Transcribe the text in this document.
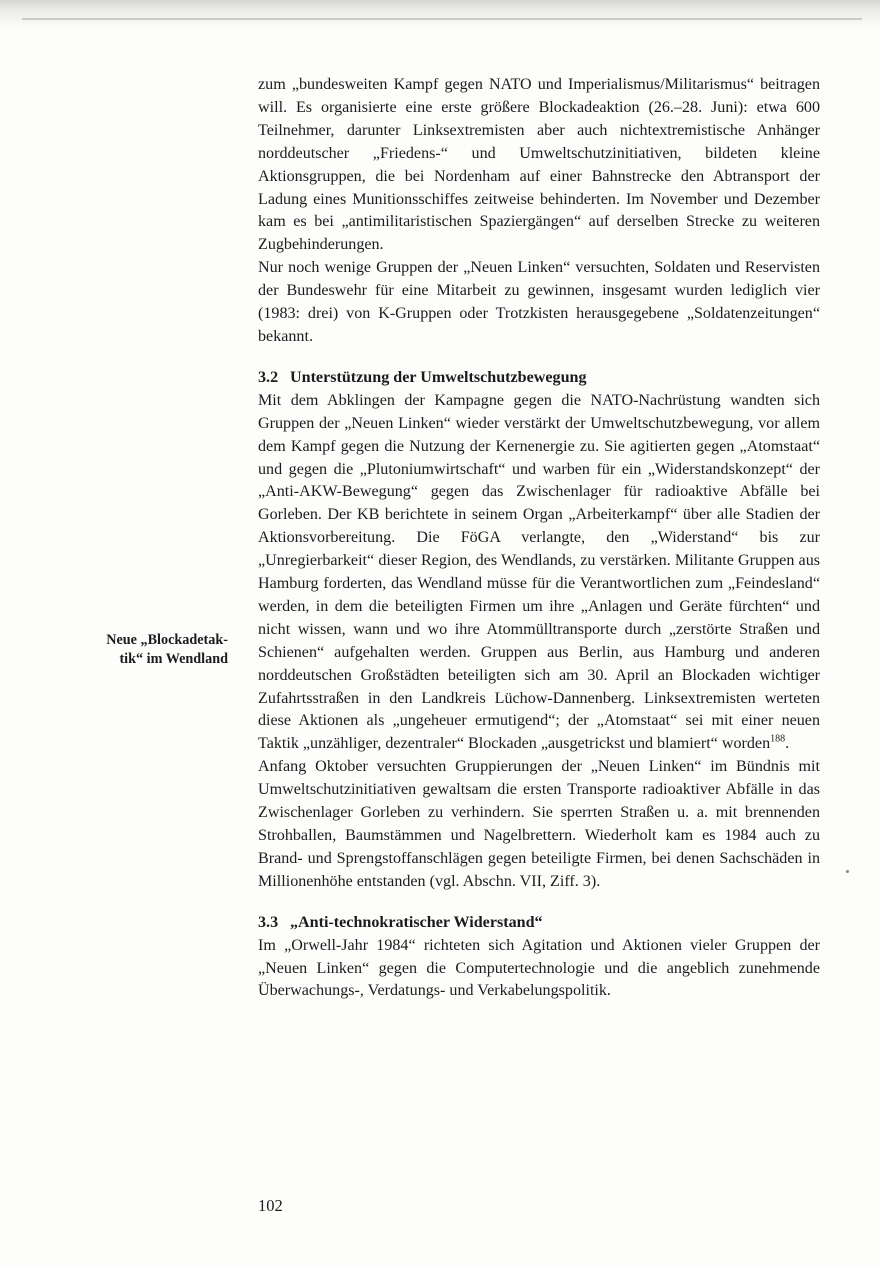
zum „bundesweiten Kampf gegen NATO und Imperialismus/Militarismus“ beitragen will. Es organisierte eine erste größere Blockadeaktion (26.–28. Juni): etwa 600 Teilnehmer, darunter Linksextremisten aber auch nichtextremistische Anhänger norddeutscher „Friedens-“ und Umweltschutzinitiativen, bildeten kleine Aktionsgruppen, die bei Nordenham auf einer Bahnstrecke den Abtransport der Ladung eines Munitionsschiffes zeitweise behinderten. Im November und Dezember kam es bei „antimilitaristischen Spaziergängen“ auf derselben Strecke zu weiteren Zugbehinderungen.

Nur noch wenige Gruppen der „Neuen Linken“ versuchten, Soldaten und Reservisten der Bundeswehr für eine Mitarbeit zu gewinnen, insgesamt wurden lediglich vier (1983: drei) von K-Gruppen oder Trotzkisten herausgegebene „Soldatenzeitungen“ bekannt.

3.2 Unterstützung der Umweltschutzbewegung

Mit dem Abklingen der Kampagne gegen die NATO-Nachrüstung wandten sich Gruppen der „Neuen Linken“ wieder verstärkt der Umweltschutzbewegung, vor allem dem Kampf gegen die Nutzung der Kernenergie zu. Sie agitierten gegen „Atomstaat“ und gegen die „Plutoniumwirtschaft“ und warben für ein „Widerstandskonzept“ der „Anti-AKW-Bewegung“ gegen das Zwischenlager für radioaktive Abfälle bei Gorleben. Der KB berichtete in seinem Organ „Arbeiterkampf“ über alle Stadien der Aktionsvorbereitung. Die FöGA verlangte, den „Widerstand“ bis zur „Unregierbarkeit“ dieser Region, des Wendlands, zu verstärken. Militante Gruppen aus Hamburg forderten, das Wendland müsse für die Verantwortlichen zum „Feindesland“ werden, in dem die beteiligten Firmen um ihre „Anlagen und Geräte fürchten“ und nicht wissen, wann und wo ihre Atommülltransporte durch „zerstörte Straßen und Schienen“ aufgehalten werden. Gruppen aus Berlin, aus Hamburg und anderen norddeutschen Großstädten beteiligten sich am 30. April an Blockaden wichtiger Zufahrtsstraßen in den Landkreis Lüchow-Dannenberg. Linksextremisten werteten diese Aktionen als „ungeheuer ermutigend“; der „Atomstaat“ sei mit einer neuen Taktik „unzähliger, dezentraler“ Blockaden „ausgetrickst und blamiert“ worden$^{188}$.

Anfang Oktober versuchten Gruppierungen der „Neuen Linken“ im Bündnis mit Umweltschutzinitiativen gewaltsam die ersten Transporte radioaktiver Abfälle in das Zwischenlager Gorleben zu verhindern. Sie sperrten Straßen u. a. mit brennenden Strohballen, Baumstämmen und Nagelbrettern. Wiederholt kam es 1984 auch zu Brand- und Sprengstoffanschlägen gegen beteiligte Firmen, bei denen Sachschäden in Millionenhöhe entstanden (vgl. Abschn. VII, Ziff. 3).

3.3 „Anti-technokratischer Widerstand“

Im „Orwell-Jahr 1984“ richteten sich Agitation und Aktionen vieler Gruppen der „Neuen Linken“ gegen die Computertechnologie und die angeblich zunehmende Überwachungs-, Verdatungs- und Verkabelungspolitik.

Neue „Blockadetak-
tik“ im Wendland
102
